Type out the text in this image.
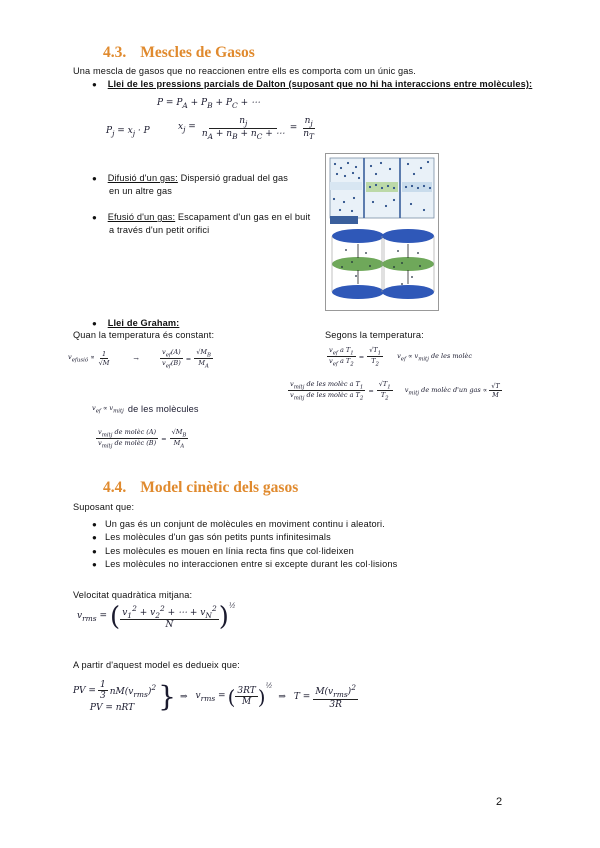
4.3. Mescles de Gasos
Una mescla de gasos que no reaccionen entre ells es comporta com un únic gas.
● Llei de les pressions parcials de Dalton (suposant que no hi ha interaccions entre molècules):
$P = P_A + P_B + P_C$ + ⋯
$P_j = x_j \cdot P$	$x_j = \frac{n_j}{n_A + n_B + n_C + \cdots} = \frac{n_j}{n_T}$
● Difusió d'un gas: Dispersió gradual del gas
en un altre gas
● Efusió d'un gas: Escapament d'un gas en el buit
a través d'un petit orifici
● Llei de Graham:
Quan la temperatura és constant:	Segons la temperatura:
$v_{efusió} \propto \frac{1}{√M}$	→	$\frac{v_{ef}(A)}{v_{ef}(B)} = \frac{√M_B}{M_A}$
$v_{ef} \propto v_{mitj}$ de les molècules
$\frac{v_{mitj} de molèc (A)}{v_{mitj} de molèc (B)} = \frac{√M_B}{M_A}$
$\frac{v_{ef} a T_1}{v_{ef} a T_2} = \frac{√T_1}{T_2} v_{ef} \propto v_{mitj}$ de les molèc
$\frac{v_{mitj} de les molèc a T_1}{v_{mitj} de les molèc a T_2} = \frac{√T_1}{T_2} v_{mitj}$ de molèc d'un gas ∝ $\frac{√T}{M}$
4.4. Model cinètic dels gasos
Suposant que:
● Un gas és un conjunt de molècules en moviment continu i aleatori.
● Les molècules d'un gas són petits punts infinitesimals
● Les molècules es mouen en línia recta fins que col·lideixen
● Les molècules no interaccionen entre si excepte durant les col·lisions
Velocitat quadràtica mitjana:
$v_{rms}$ = ( $\frac{v_1^2 + v_2^2 + \cdots + v_N^2}{N} )^{\frac{1}{2}}$
A partir d'aquest model es dedueix que:
PV = $\frac{1}{3} nM(v_{rms})^2$
PV = nRT } ⇒ $v_{rms}$ = ( $\frac{3RT}{M} )^{\frac{1}{2}}$
⇒ $T = \frac{M(v_{rms})^2}{3R}$
2
